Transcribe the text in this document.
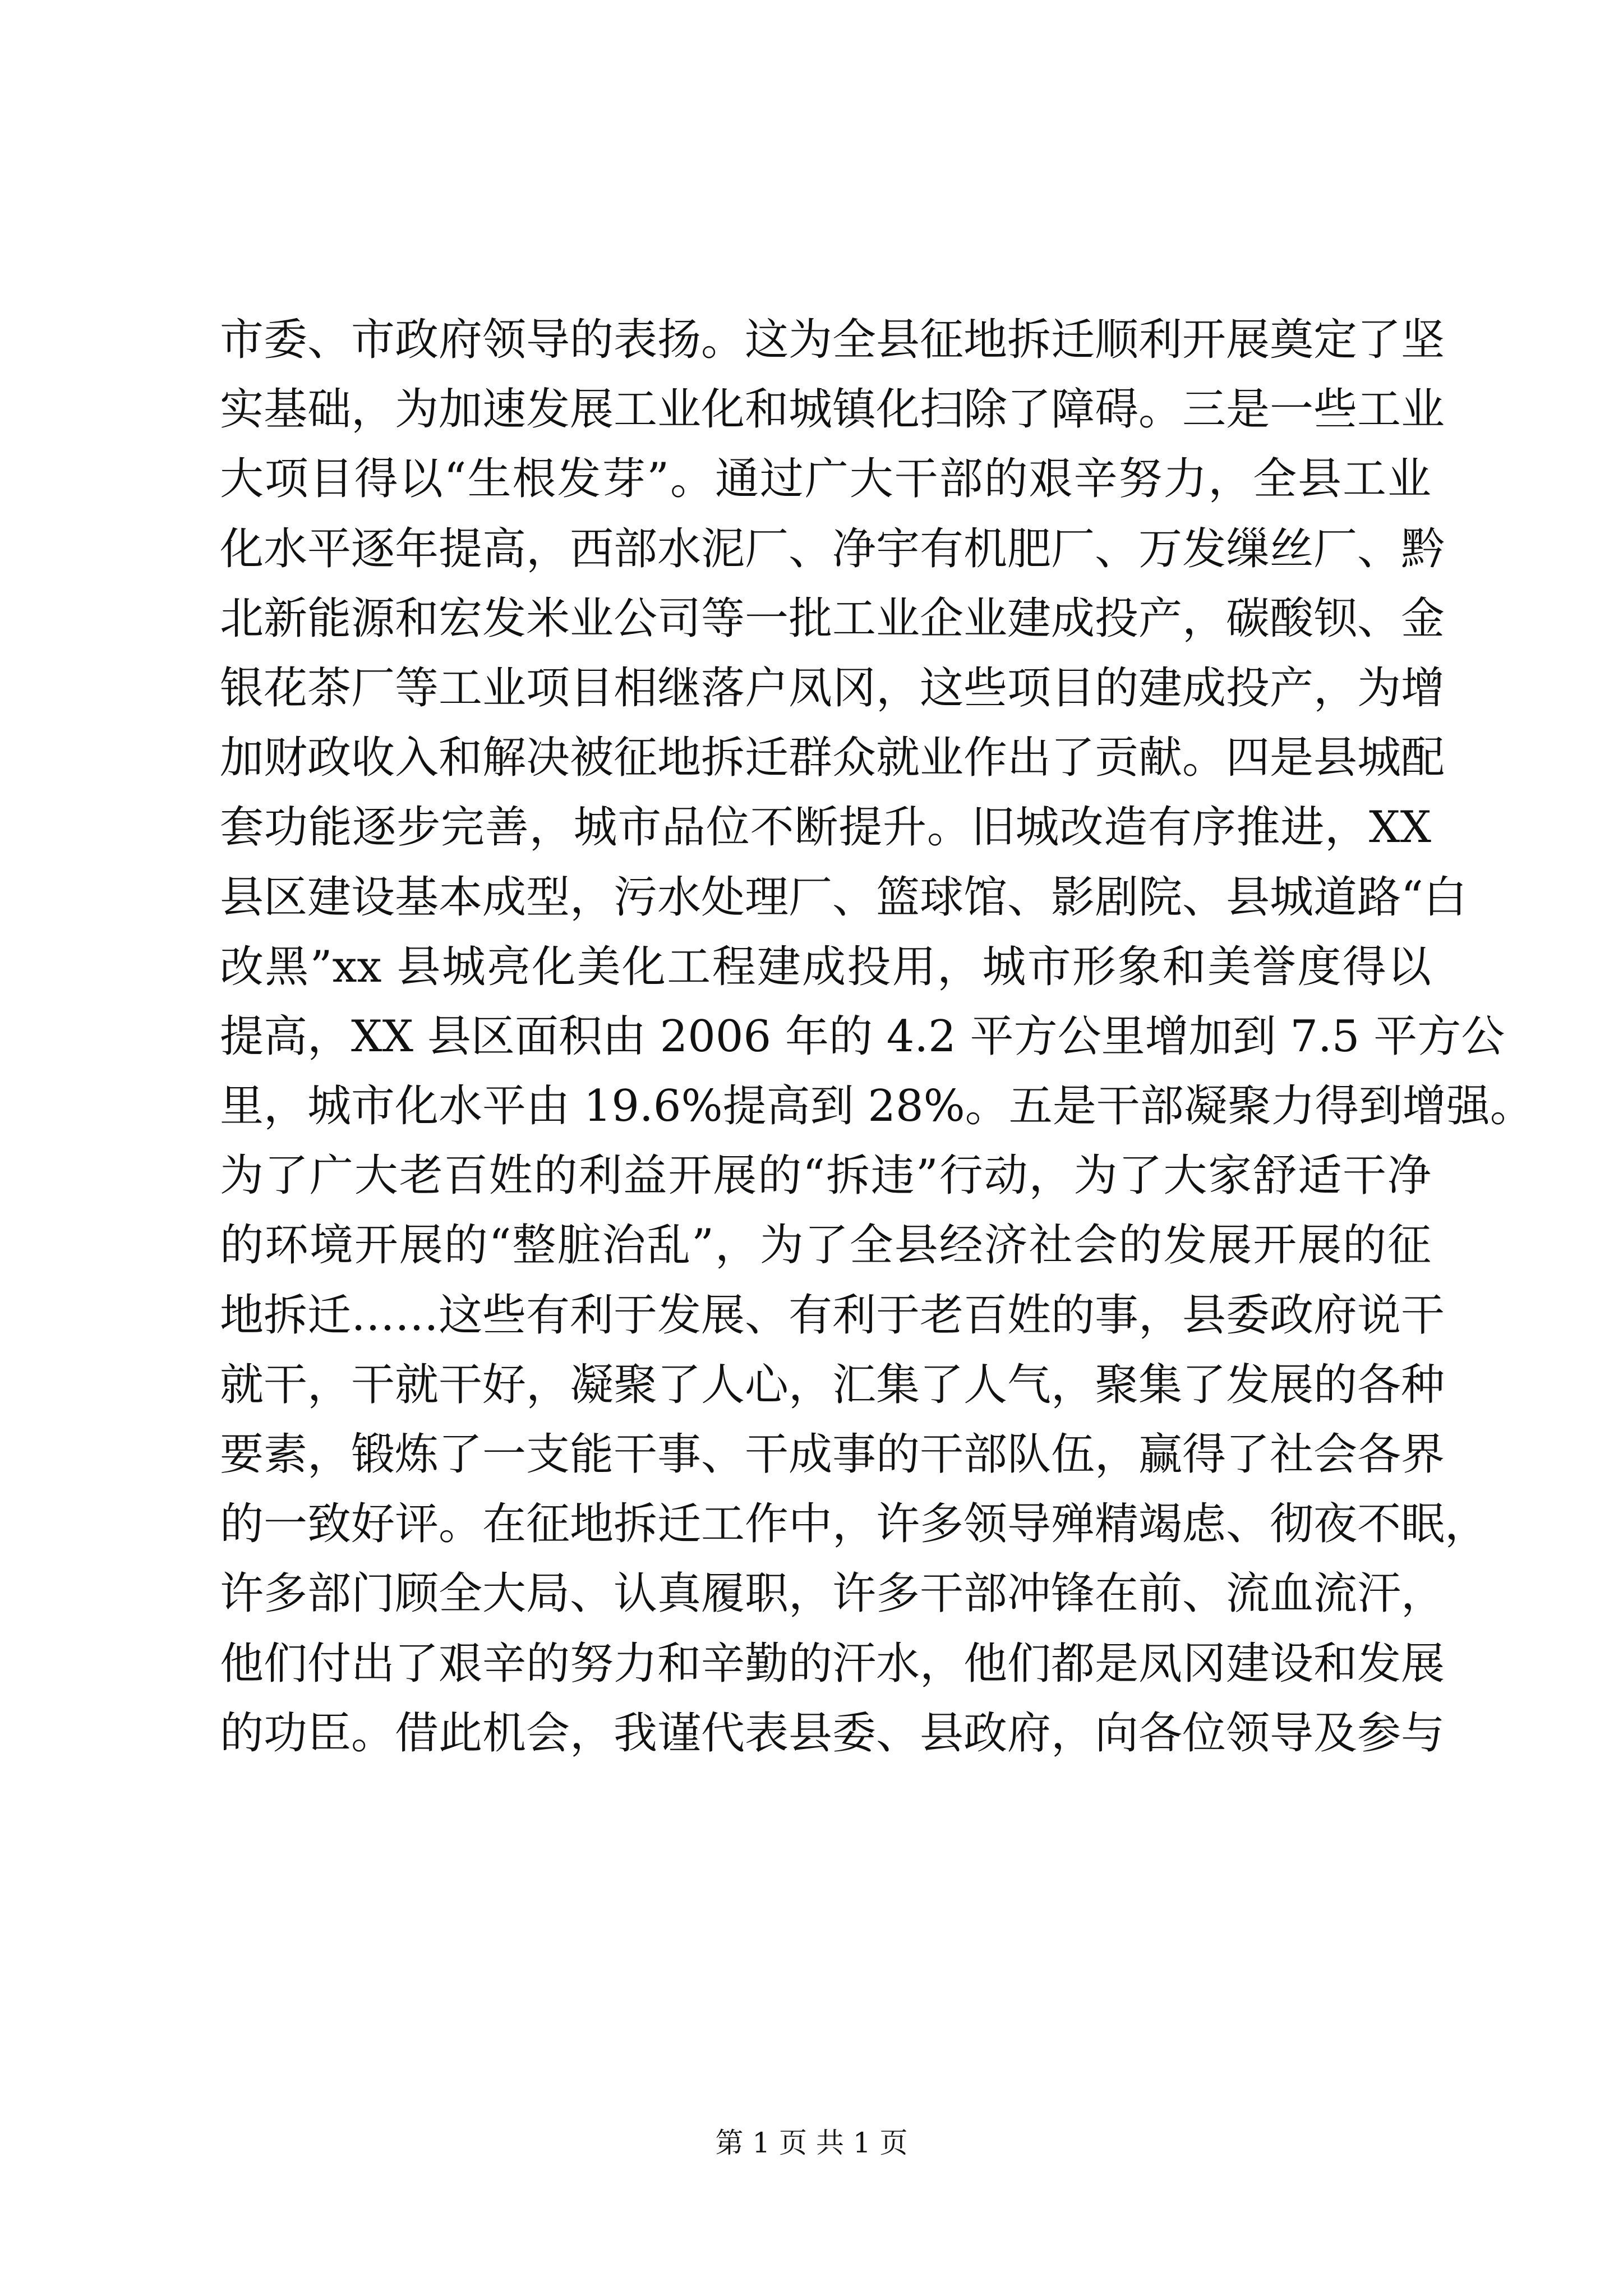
市委、市政府领导的表扬。这为全县征地拆迁顺利开展奠定了坚
实基础，为加速发展工业化和城镇化扫除了障碍。三是一些工业
大项目得以“生根发芽”。通过广大干部的艰辛努力，全县工业
化水平逐年提高，西部水泥厂、净宇有机肥厂、万发缫丝厂、黔
北新能源和宏发米业公司等一批工业企业建成投产，碳酸钡、金
银花茶厂等工业项目相继落户凤冈，这些项目的建成投产，为增
加财政收入和解决被征地拆迁群众就业作出了贡献。四是县城配
套功能逐步完善，城市品位不断提升。旧城改造有序推进，XX
县区建设基本成型，污水处理厂、篮球馆、影剧院、县城道路“白
改黑”xx 县城亮化美化工程建成投用，城市形象和美誉度得以
提高，XX 县区面积由 2006 年的 4.2 平方公里增加到 7.5 平方公
里，城市化水平由 19.6%提高到 28%。五是干部凝聚力得到增强。
为了广大老百姓的利益开展的“拆违”行动，为了大家舒适干净
的环境开展的“整脏治乱”，为了全县经济社会的发展开展的征
地拆迁……这些有利于发展、有利于老百姓的事，县委政府说干
就干，干就干好，凝聚了人心，汇集了人气，聚集了发展的各种
要素，锻炼了一支能干事、干成事的干部队伍，赢得了社会各界
的一致好评。在征地拆迁工作中，许多领导殚精竭虑、彻夜不眠，
许多部门顾全大局、认真履职，许多干部冲锋在前、流血流汗，
他们付出了艰辛的努力和辛勤的汗水，他们都是凤冈建设和发展
的功臣。借此机会，我谨代表县委、县政府，向各位领导及参与
第 1 页 共 1 页
